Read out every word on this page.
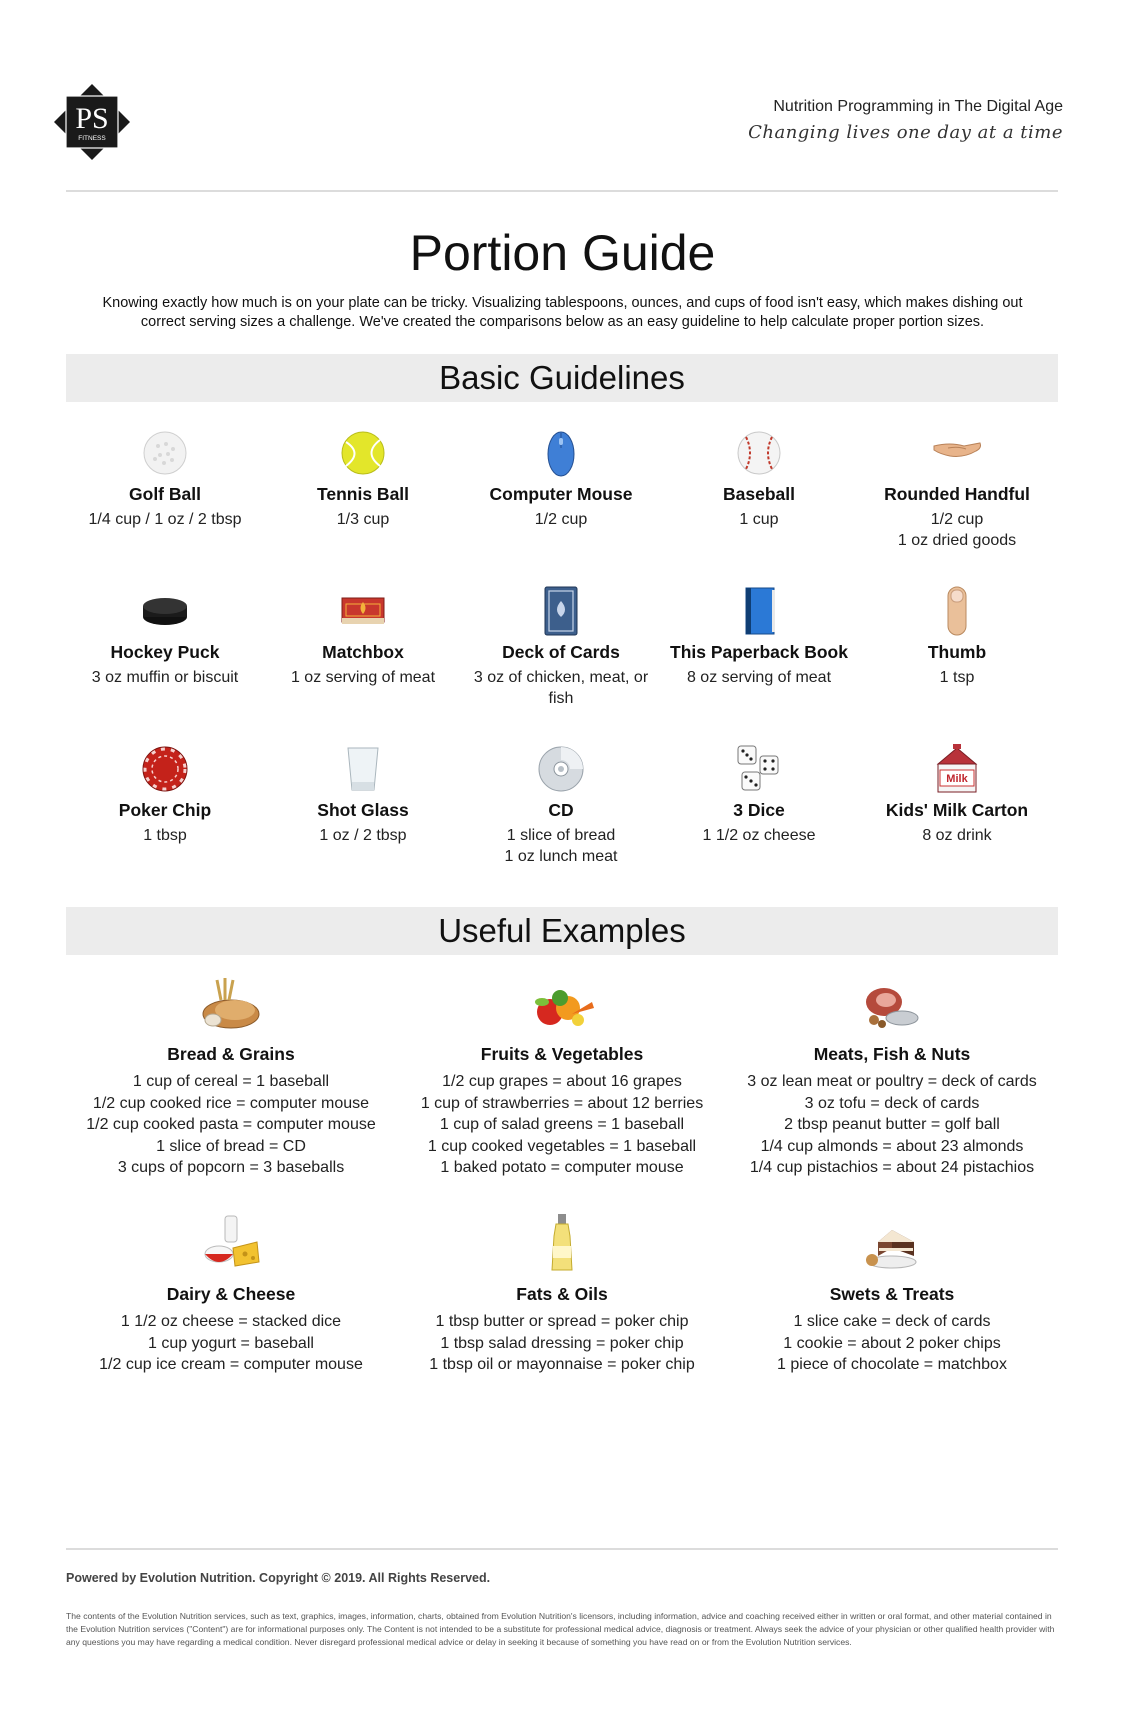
PS
FITNESS
Nutrition Programming in The Digital Age
Changing lives one day at a time
Portion Guide
Knowing exactly how much is on your plate can be tricky. Visualizing tablespoons, ounces, and cups of food isn't easy, which makes dishing out correct serving sizes a challenge. We've created the comparisons below as an easy guideline to help calculate proper portion sizes.
Basic Guidelines
Golf Ball
1/4 cup / 1 oz / 2 tbsp
Tennis Ball
1/3 cup
Computer Mouse
1/2 cup
Baseball
1 cup
Rounded Handful
1/2 cup
1 oz dried goods
Hockey Puck
3 oz muffin or biscuit
Matchbox
1 oz serving of meat
Deck of Cards
3 oz of chicken, meat, or
fish
This Paperback Book
8 oz serving of meat
Thumb
1 tsp
Poker Chip
1 tbsp
Shot Glass
1 oz / 2 tbsp
CD
1 slice of bread
1 oz lunch meat
3 Dice
1 1/2 oz cheese
Milk
Kids' Milk Carton
8 oz drink
Useful Examples
Bread & Grains
1 cup of cereal = 1 baseball
1/2 cup cooked rice = computer mouse
1/2 cup cooked pasta = computer mouse
1 slice of bread = CD
3 cups of popcorn = 3 baseballs
Fruits & Vegetables
1/2 cup grapes = about 16 grapes
1 cup of strawberries = about 12 berries
1 cup of salad greens = 1 baseball
1 cup cooked vegetables = 1 baseball
1 baked potato = computer mouse
Meats, Fish & Nuts
3 oz lean meat or poultry = deck of cards
3 oz tofu = deck of cards
2 tbsp peanut butter = golf ball
1/4 cup almonds = about 23 almonds
1/4 cup pistachios = about 24 pistachios
Dairy & Cheese
1 1/2 oz cheese = stacked dice
1 cup yogurt = baseball
1/2 cup ice cream = computer mouse
Fats & Oils
1 tbsp butter or spread = poker chip
1 tbsp salad dressing = poker chip
1 tbsp oil or mayonnaise = poker chip
Swets & Treats
1 slice cake = deck of cards
1 cookie = about 2 poker chips
1 piece of chocolate = matchbox
Powered by Evolution Nutrition. Copyright © 2019. All Rights Reserved.
The contents of the Evolution Nutrition services, such as text, graphics, images, information, charts, obtained from Evolution Nutrition's licensors, including information, advice and coaching received either in written or oral format, and other material contained in the Evolution Nutrition services ("Content") are for informational purposes only. The Content is not intended to be a substitute for professional medical advice, diagnosis or treatment. Always seek the advice of your physician or other qualified health provider with any questions you may have regarding a medical condition. Never disregard professional medical advice or delay in seeking it because of something you have read on or from the Evolution Nutrition services.
